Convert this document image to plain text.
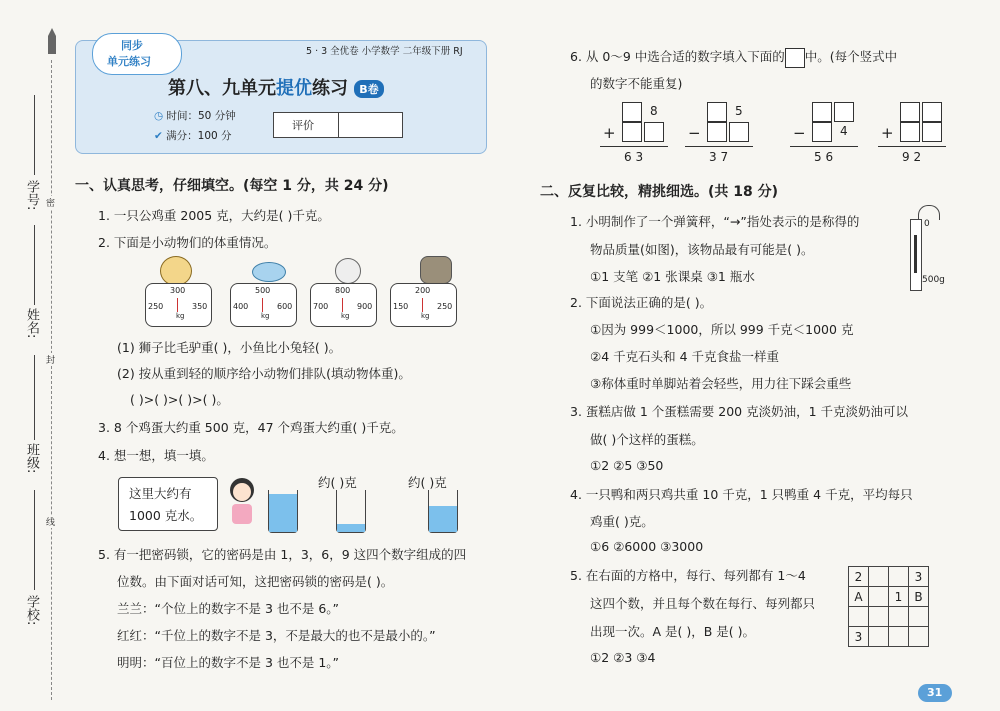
学号:
姓名:
班级:
学校:
密
封
线
同步
单元练习
5 · 3 全优卷 小学数学 二年级下册 RJ
第八、九单元提优练习 B卷
◷ 时间：50 分钟
✔ 满分：100 分
评价
一、认真思考，仔细填空。(每空 1 分，共 24 分)
1. 一只公鸡重 2005 克，大约是( )千克。
2. 下面是小动物们的体重情况。
250
300
350
kg
400
500
600
kg
700
800
900
kg
150
200
250
kg
(1) 狮子比毛驴重( )，小鱼比小兔轻( )。
(2) 按从重到轻的顺序给小动物们排队(填动物体重)。
( )>( )>( )>( )。
3. 8 个鸡蛋大约重 500 克，47 个鸡蛋大约重( )千克。
4. 想一想，填一填。
这里大约有
1000 克水。
约( )克	约( )克
5. 有一把密码锁，它的密码是由 1，3，6，9 这四个数字组成的四
位数。由下面对话可知，这把密码锁的密码是( )。
兰兰：“个位上的数字不是 3 也不是 6。”
红红：“千位上的数字不是 3，不是最大的也不是最小的。”
明明：“百位上的数字不是 3 也不是 1。”
6. 从 0～9 中选合适的数字填入下面的 中。(每个竖式中
的数字不能重复)
8
+
6 3
5
−
3 7
−	4
5 6
+
9 2
二、反复比较，精挑细选。(共 18 分)
1. 小明制作了一个弹簧秤，“→”指处表示的是称得的
物品质量(如图)，该物品最有可能是( )。
①1 支笔 ②1 张课桌 ③1 瓶水
0
500g
2. 下面说法正确的是( )。
①因为 999＜1000，所以 999 千克＜1000 克
②4 千克石头和 4 千克食盐一样重
③称体重时单脚站着会轻些，用力往下踩会重些
3. 蛋糕店做 1 个蛋糕需要 200 克淡奶油，1 千克淡奶油可以
做( )个这样的蛋糕。
①2 ②5 ③50
4. 一只鸭和两只鸡共重 10 千克，1 只鸭重 4 千克，平均每只
鸡重( )克。
①6 ②6000 ③3000
5. 在右面的方格中，每行、每列都有 1～4
这四个数，并且每个数在每行、每列都只
出现一次。A 是( )，B 是( )。
①2 ②3 ③4
2			3
A		1	B

3			
31
